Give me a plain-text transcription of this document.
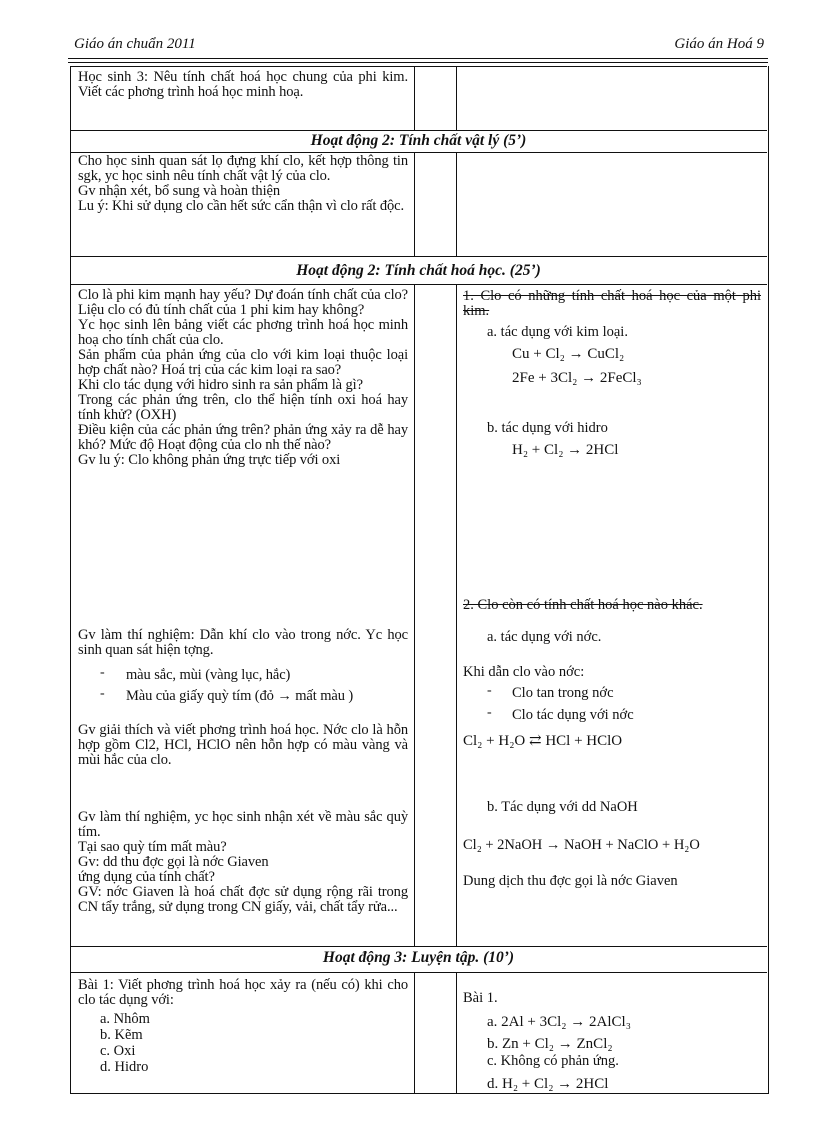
Giáo án chuẩn 2011	Giáo án Hoá 9
Học sinh 3: Nêu tính chất hoá học chung của phi kim. Viết các phơng trình hoá học minh hoạ.
Hoạt động 2: Tính chất vật lý (5’)
Cho học sinh quan sát lọ đựng khí clo, kết hợp thông tin sgk, yc học sinh nêu tính chất vật lý của clo.
Gv nhận xét, bổ sung và hoàn thiện
Lu ý: Khi sử dụng clo cần hết sức cẩn thận vì clo rất độc.
Hoạt động 2: Tính chất hoá học. (25’)
Clo là phi kim mạnh hay yếu? Dự đoán tính chất của clo? Liệu clo có đủ tính chất của 1 phi kim hay không?
Yc học sinh lên bảng viết các phơng trình hoá học minh hoạ cho tính chất của clo.
Sản phẩm của phản ứng của clo với kim loại thuộc loại hợp chất nào? Hoá trị của các kim loại ra sao?
Khi clo tác dụng với hidro sinh ra sản phẩm là gì?
Trong các phản ứng trên, clo thể hiện tính oxi hoá hay tính khử? (OXH)
Điều kiện của các phản ứng trên? phản ứng xảy ra dễ hay khó? Mức độ Hoạt động của clo nh thế nào?
Gv lu ý: Clo không phản ứng trực tiếp với oxi
Gv làm thí nghiệm: Dẫn khí clo vào trong nớc. Yc học sinh quan sát hiện tợng.
- màu sắc, mùi (vàng lục, hắc)
- Màu của giấy quỳ tím (đỏ → mất màu )
Gv giải thích và viết phơng trình hoá học. Nớc clo là hỗn hợp gồm Cl2, HCl, HClO nên hỗn hợp có màu vàng và mùi hắc của clo.
Gv làm thí nghiệm, yc học sinh nhận xét về màu sắc quỳ tím.
Tại sao quỳ tím mất màu?
Gv: dd thu đợc gọi là nớc Giaven
ứng dụng của tính chất?
GV: nớc Giaven là hoá chất đợc sử dụng rộng rãi trong CN tẩy trắng, sử dụng trong CN giấy, vải, chất tẩy rửa...
1. Clo có những tính chất hoá học của một phi kim.
a. tác dụng với kim loại.
Cu + Cl₂ → CuCl₂
2Fe + 3Cl₂ → 2FeCl₃
b. tác dụng với hidro
H₂ + Cl₂ → 2HCl
2. Clo còn có tính chất hoá học nào khác.
a. tác dụng với nớc.
Khi dẫn clo vào nớc:
- Clo tan trong nớc
- Clo tác dụng với nớc
Cl₂ + H₂O ⇄ HCl + HClO
b. Tác dụng với dd NaOH
Cl₂ + 2NaOH → NaOH + NaClO + H₂O
Dung dịch thu đợc gọi là nớc Giaven
Hoạt động 3: Luyện tập. (10’)
Bài 1: Viết phơng trình hoá học xảy ra (nếu có) khi cho clo tác dụng với:
a. Nhôm
b. Kẽm
c. Oxi
d. Hidro
Bài 1.
a. 2Al + 3Cl₂ → 2AlCl₃
b. Zn + Cl₂ → ZnCl₂
c. Không có phản ứng.
d. H₂ + Cl₂ → 2HCl
